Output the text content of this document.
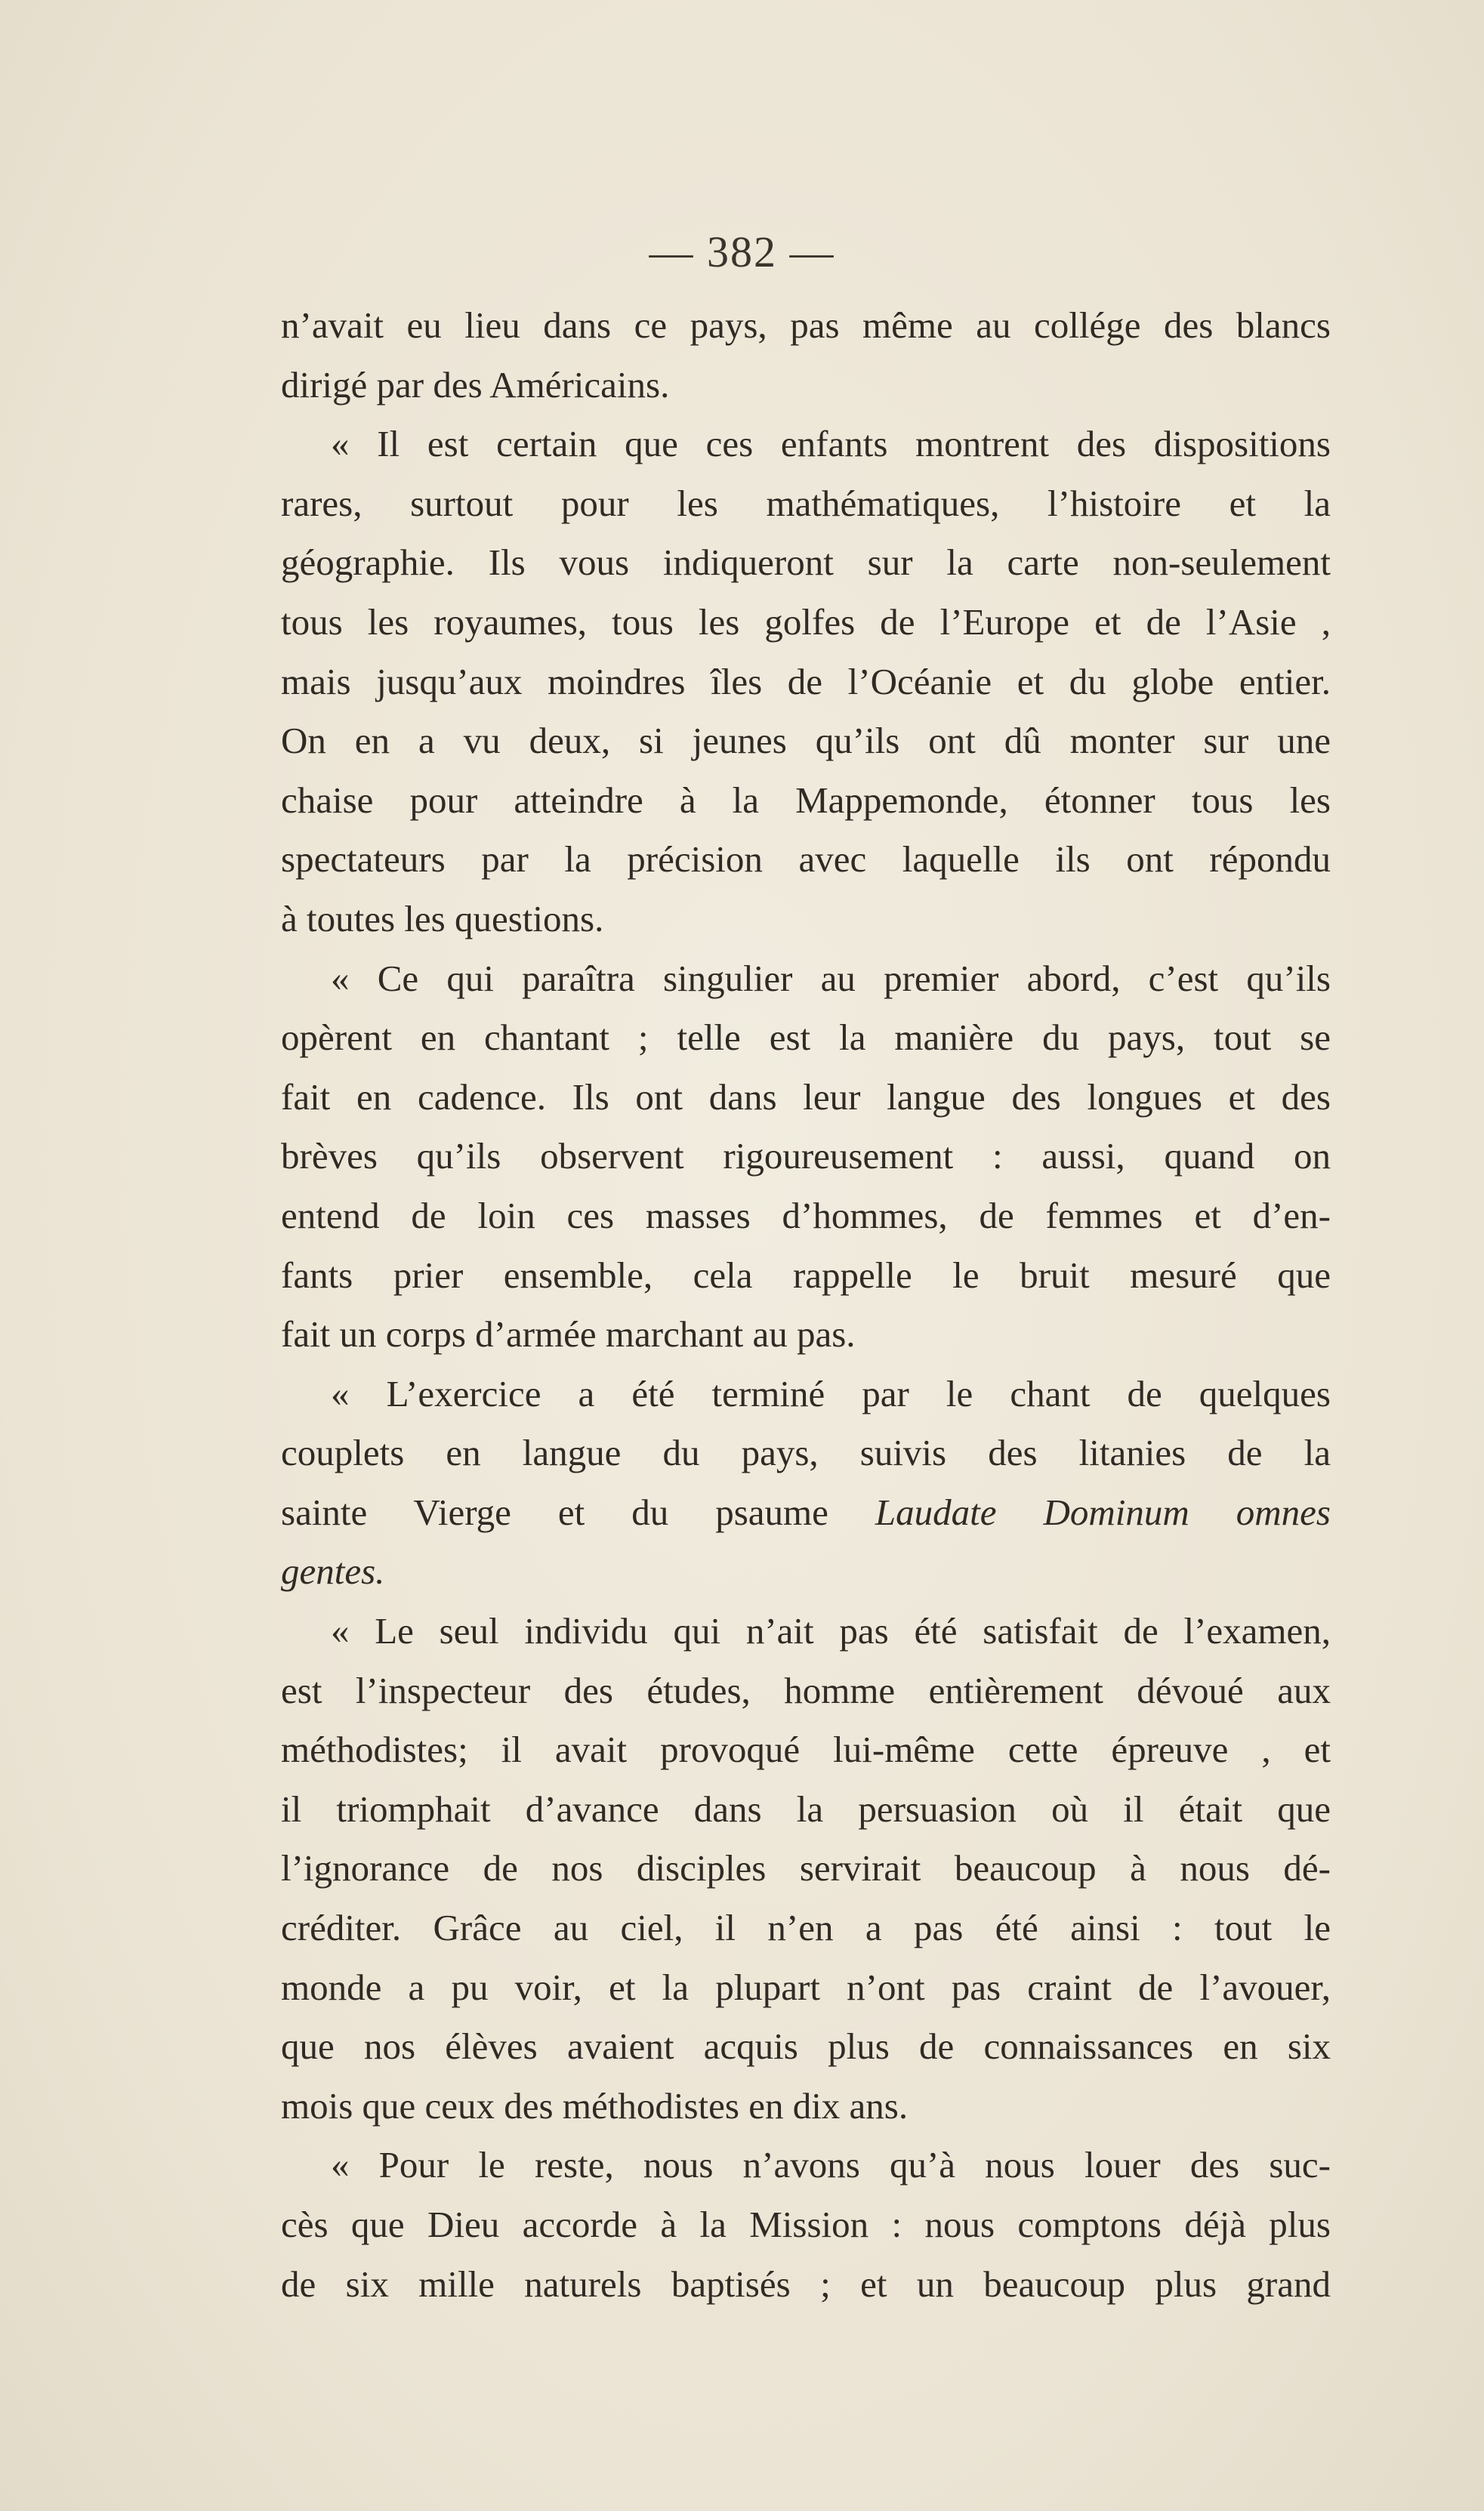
— 382 —
n’avait eu lieu dans ce pays, pas même au collége des blancs
dirigé par des Américains.
« Il est certain que ces enfants montrent des dispositions
rares, surtout pour les mathématiques, l’histoire et la
géographie. Ils vous indiqueront sur la carte non-seulement
tous les royaumes, tous les golfes de l’Europe et de l’Asie ,
mais jusqu’aux moindres îles de l’Océanie et du globe entier.
On en a vu deux, si jeunes qu’ils ont dû monter sur une
chaise pour atteindre à la Mappemonde, étonner tous les
spectateurs par la précision avec laquelle ils ont répondu
à toutes les questions.
« Ce qui paraîtra singulier au premier abord, c’est qu’ils
opèrent en chantant ; telle est la manière du pays, tout se
fait en cadence. Ils ont dans leur langue des longues et des
brèves qu’ils observent rigoureusement : aussi, quand on
entend de loin ces masses d’hommes, de femmes et d’en-
fants prier ensemble, cela rappelle le bruit mesuré que
fait un corps d’armée marchant au pas.
« L’exercice a été terminé par le chant de quelques
couplets en langue du pays, suivis des litanies de la
sainte Vierge et du psaume Laudate Dominum omnes
gentes.
« Le seul individu qui n’ait pas été satisfait de l’examen,
est l’inspecteur des études, homme entièrement dévoué aux
méthodistes; il avait provoqué lui-même cette épreuve , et
il triomphait d’avance dans la persuasion où il était que
l’ignorance de nos disciples servirait beaucoup à nous dé-
créditer. Grâce au ciel, il n’en a pas été ainsi : tout le
monde a pu voir, et la plupart n’ont pas craint de l’avouer,
que nos élèves avaient acquis plus de connaissances en six
mois que ceux des méthodistes en dix ans.
« Pour le reste, nous n’avons qu’à nous louer des suc-
cès que Dieu accorde à la Mission : nous comptons déjà plus
de six mille naturels baptisés ; et un beaucoup plus grand
